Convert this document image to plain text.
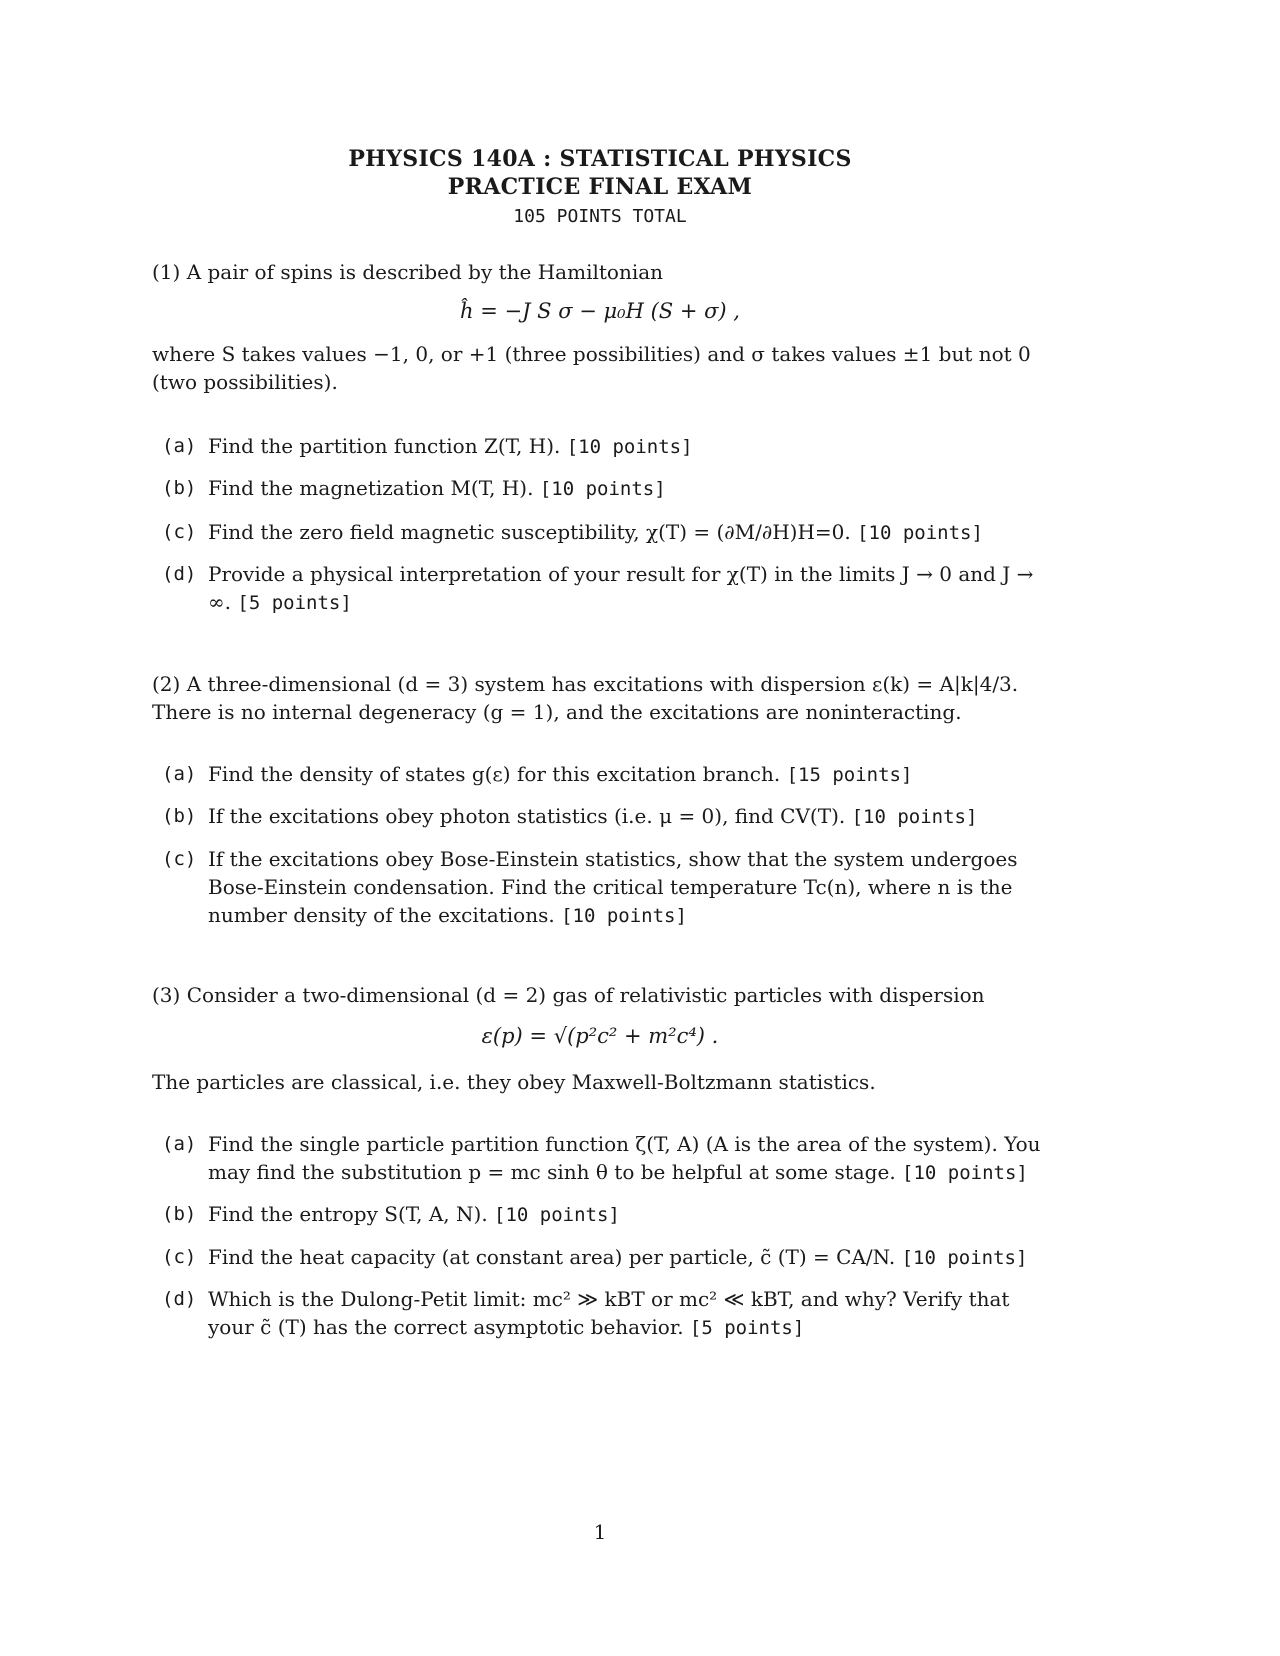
PHYSICS 140A : STATISTICAL PHYSICS
PRACTICE FINAL EXAM
105 POINTS TOTAL
(1) A pair of spins is described by the Hamiltonian
ĥ = −J S σ − μ₀H (S + σ) ,
where S takes values −1, 0, or +1 (three possibilities) and σ takes values ±1 but not 0 (two possibilities).
(a) Find the partition function Z(T, H). [10 points]
(b) Find the magnetization M(T, H). [10 points]
(c) Find the zero field magnetic susceptibility, χ(T) = (∂M/∂H)H=0. [10 points]
(d) Provide a physical interpretation of your result for χ(T) in the limits J → 0 and J → ∞. [5 points]
(2) A three-dimensional (d = 3) system has excitations with dispersion ε(k) = A|k|4/3. There is no internal degeneracy (g = 1), and the excitations are noninteracting.
(a) Find the density of states g(ε) for this excitation branch. [15 points]
(b) If the excitations obey photon statistics (i.e. μ = 0), find CV(T). [10 points]
(c) If the excitations obey Bose-Einstein statistics, show that the system undergoes Bose-Einstein condensation. Find the critical temperature Tc(n), where n is the number density of the excitations. [10 points]
(3) Consider a two-dimensional (d = 2) gas of relativistic particles with dispersion
ε(p) = √(p²c² + m²c⁴) .
The particles are classical, i.e. they obey Maxwell-Boltzmann statistics.
(a) Find the single particle partition function ζ(T, A) (A is the area of the system). You may find the substitution p = mc sinh θ to be helpful at some stage. [10 points]
(b) Find the entropy S(T, A, N). [10 points]
(c) Find the heat capacity (at constant area) per particle, c̃ (T) = CA/N. [10 points]
(d) Which is the Dulong-Petit limit: mc² ≫ kBT or mc² ≪ kBT, and why? Verify that your c̃ (T) has the correct asymptotic behavior. [5 points]
1
